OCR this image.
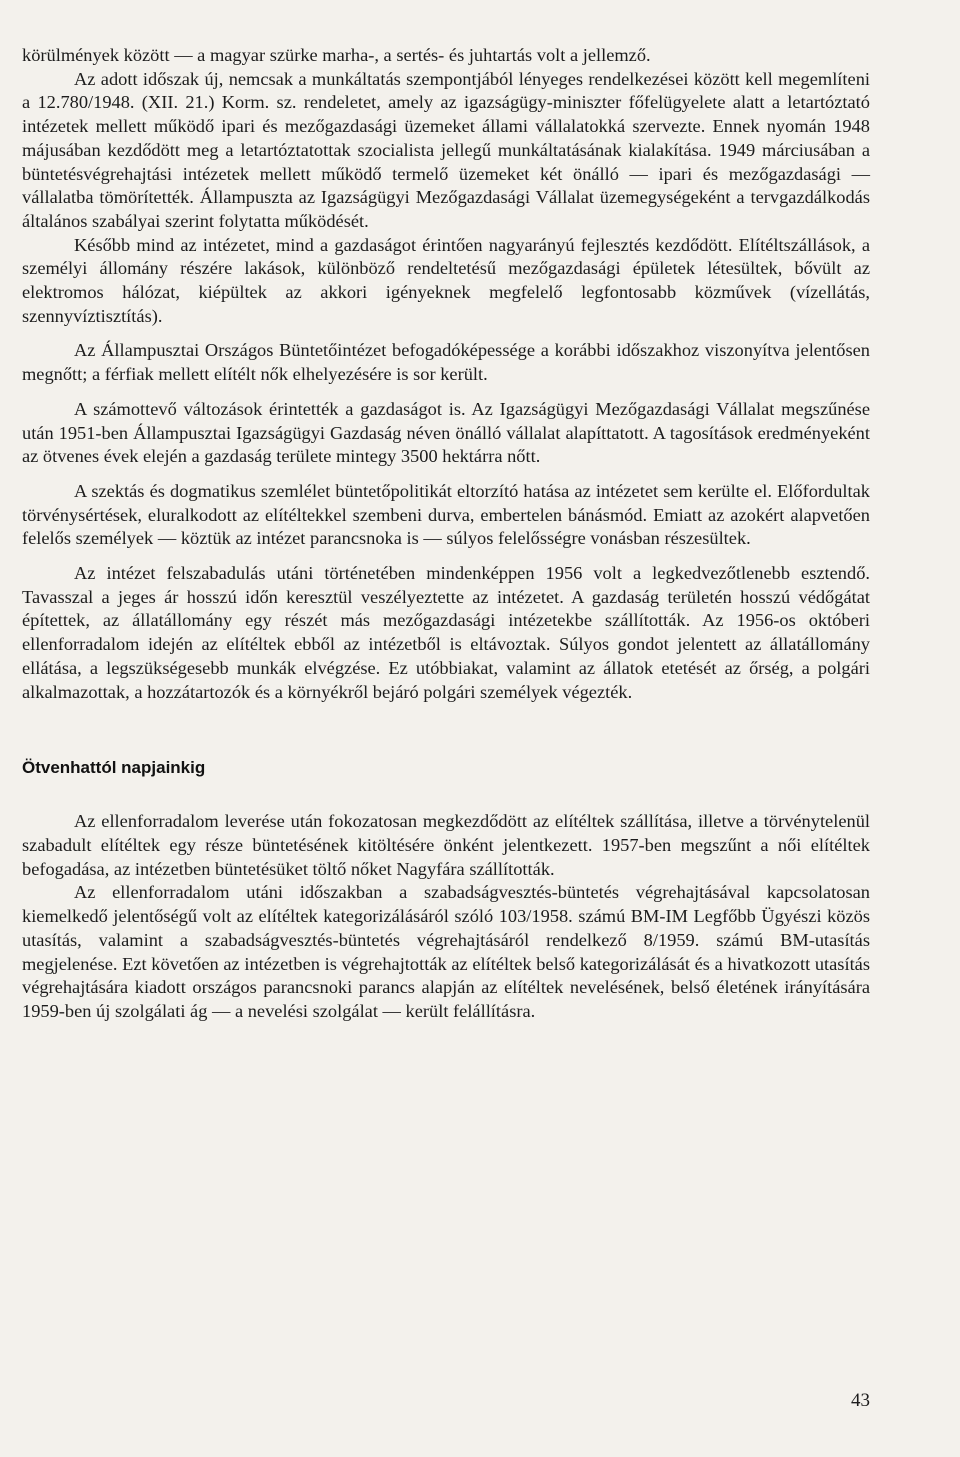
körülmények között — a magyar szürke marha-, a sertés- és juhtartás volt a jellemző.

Az adott időszak új, nemcsak a munkáltatás szempontjából lényeges rendelkezései között kell megemlíteni a 12.780/1948. (XII. 21.) Korm. sz. rendeletet, amely az igazságügy-miniszter főfelügyelete alatt a letartóztató intézetek mellett működő ipari és mezőgazdasági üzemeket állami vállalatokká szervezte. Ennek nyomán 1948 májusában kezdődött meg a letartóztatottak szocialista jellegű munkáltatásának kialakítása. 1949 márciusában a büntetésvégrehajtási intézetek mellett működő termelő üzemeket két önálló — ipari és mezőgazdasági — vállalatba tömörítették. Állampuszta az Igazságügyi Mezőgazdasági Vállalat üzemegységeként a tervgazdálkodás általános szabályai szerint folytatta működését.

Később mind az intézetet, mind a gazdaságot érintően nagyarányú fejlesztés kezdődött. Elítéltszállások, a személyi állomány részére lakások, különböző rendeltetésű mezőgazdasági épületek létesültek, bővült az elektromos hálózat, kiépültek az akkori igényeknek megfelelő legfontosabb közművek (vízellátás, szennyvíztisztítás).

Az Állampusztai Országos Büntetőintézet befogadóképessége a korábbi időszakhoz viszonyítva jelentősen megnőtt; a férfiak mellett elítélt nők elhelyezésére is sor került.

A számottevő változások érintették a gazdaságot is. Az Igazságügyi Mezőgazdasági Vállalat megszűnése után 1951-ben Állampusztai Igazságügyi Gazdaság néven önálló vállalat alapíttatott. A tagosítások eredményeként az ötvenes évek elején a gazdaság területe mintegy 3500 hektárra nőtt.

A szektás és dogmatikus szemlélet büntetőpolitikát eltorzító hatása az intézetet sem kerülte el. Előfordultak törvénysértések, eluralkodott az elítéltekkel szembeni durva, embertelen bánásmód. Emiatt az azokért alapvetően felelős személyek — köztük az intézet parancsnoka is — súlyos felelősségre vonásban részesültek.

Az intézet felszabadulás utáni történetében mindenképpen 1956 volt a legkedvezőtlenebb esztendő. Tavasszal a jeges ár hosszú időn keresztül veszélyeztette az intézetet. A gazdaság területén hosszú védőgátat építettek, az állatállomány egy részét más mezőgazdasági intézetekbe szállították. Az 1956-os októberi ellenforradalom idején az elítéltek ebből az intézetből is eltávoztak. Súlyos gondot jelentett az állatállomány ellátása, a legszükségesebb munkák elvégzése. Ez utóbbiakat, valamint az állatok etetését az őrség, a polgári alkalmazottak, a hozzátartozók és a környékről bejáró polgári személyek végezték.

Ötvenhattól napjainkig

Az ellenforradalom leverése után fokozatosan megkezdődött az elítéltek szállítása, illetve a törvénytelenül szabadult elítéltek egy része büntetésének kitöltésére önként jelentkezett. 1957-ben megszűnt a női elítéltek befogadása, az intézetben büntetésüket töltő nőket Nagyfára szállították.

Az ellenforradalom utáni időszakban a szabadságvesztés-büntetés végrehajtásával kapcsolatosan kiemelkedő jelentőségű volt az elítéltek kategorizálásáról szóló 103/1958. számú BM-IM Legfőbb Ügyészi közös utasítás, valamint a szabadságvesztés-büntetés végrehajtásáról rendelkező 8/1959. számú BM-utasítás megjelenése. Ezt követően az intézetben is végrehajtották az elítéltek belső kategorizálását és a hivatkozott utasítás végrehajtására kiadott országos parancsnoki parancs alapján az elítéltek nevelésének, belső életének irányítására 1959-ben új szolgálati ág — a nevelési szolgálat — került felállításra.

43
